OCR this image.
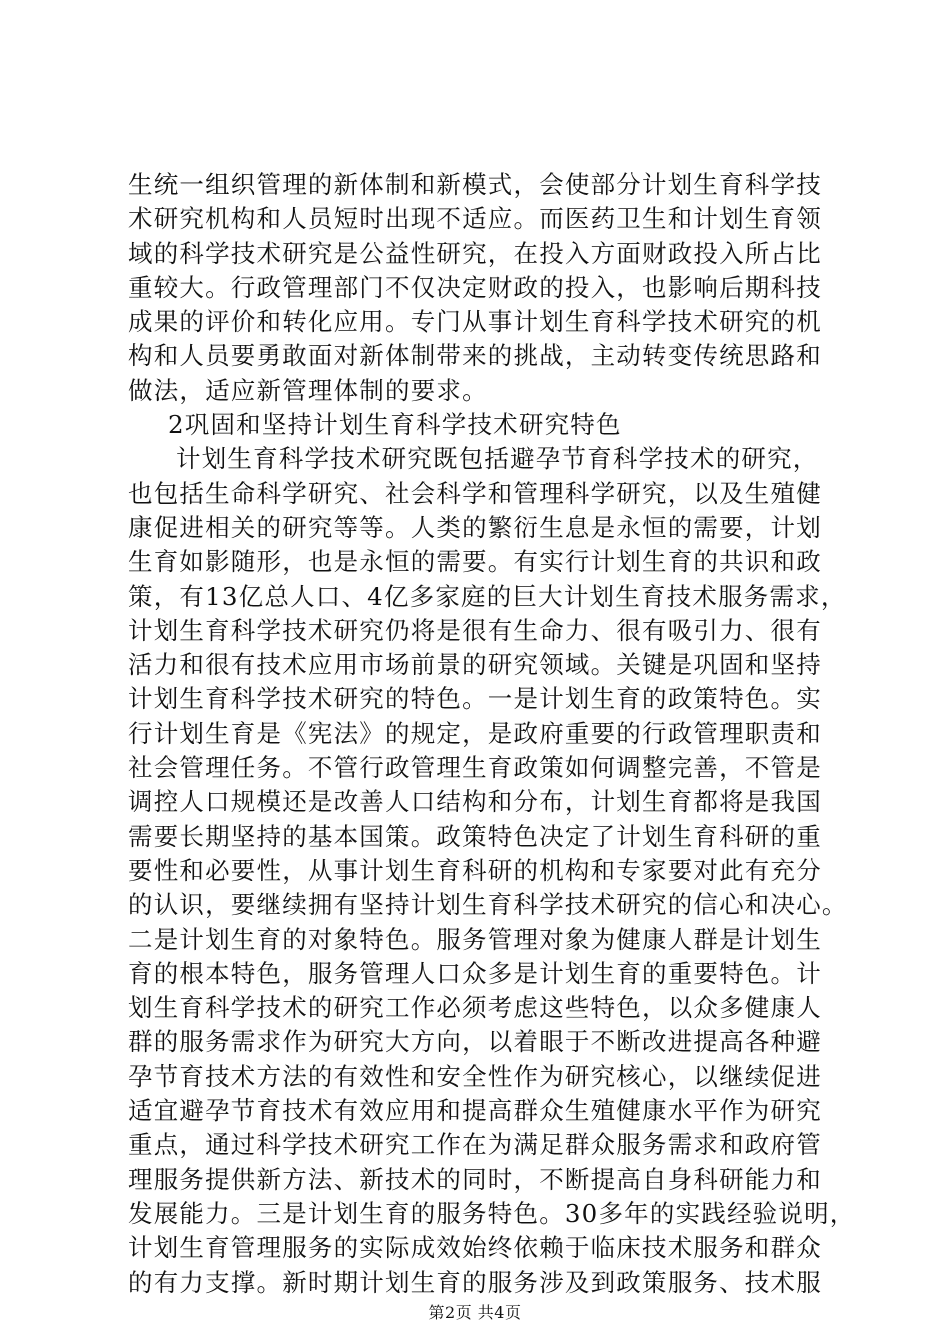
生统一组织管理的新体制和新模式，会使部分计划生育科学技
术研究机构和人员短时出现不适应。而医药卫生和计划生育领
域的科学技术研究是公益性研究，在投入方面财政投入所占比
重较大。行政管理部门不仅决定财政的投入，也影响后期科技
成果的评价和转化应用。专门从事计划生育科学技术研究的机
构和人员要勇敢面对新体制带来的挑战，主动转变传统思路和
做法，适应新管理体制的要求。
2巩固和坚持计划生育科学技术研究特色
计划生育科学技术研究既包括避孕节育科学技术的研究，
也包括生命科学研究、社会科学和管理科学研究，以及生殖健
康促进相关的研究等等。人类的繁衍生息是永恒的需要，计划
生育如影随形，也是永恒的需要。有实行计划生育的共识和政
策，有13亿总人口、4亿多家庭的巨大计划生育技术服务需求，
计划生育科学技术研究仍将是很有生命力、很有吸引力、很有
活力和很有技术应用市场前景的研究领域。关键是巩固和坚持
计划生育科学技术研究的特色。一是计划生育的政策特色。实
行计划生育是《宪法》的规定，是政府重要的行政管理职责和
社会管理任务。不管行政管理生育政策如何调整完善，不管是
调控人口规模还是改善人口结构和分布，计划生育都将是我国
需要长期坚持的基本国策。政策特色决定了计划生育科研的重
要性和必要性，从事计划生育科研的机构和专家要对此有充分
的认识，要继续拥有坚持计划生育科学技术研究的信心和决心。
二是计划生育的对象特色。服务管理对象为健康人群是计划生
育的根本特色，服务管理人口众多是计划生育的重要特色。计
划生育科学技术的研究工作必须考虑这些特色，以众多健康人
群的服务需求作为研究大方向，以着眼于不断改进提高各种避
孕节育技术方法的有效性和安全性作为研究核心，以继续促进
适宜避孕节育技术有效应用和提高群众生殖健康水平作为研究
重点，通过科学技术研究工作在为满足群众服务需求和政府管
理服务提供新方法、新技术的同时，不断提高自身科研能力和
发展能力。三是计划生育的服务特色。30多年的实践经验说明，
计划生育管理服务的实际成效始终依赖于临床技术服务和群众
的有力支撑。新时期计划生育的服务涉及到政策服务、技术服
第2页 共4页
